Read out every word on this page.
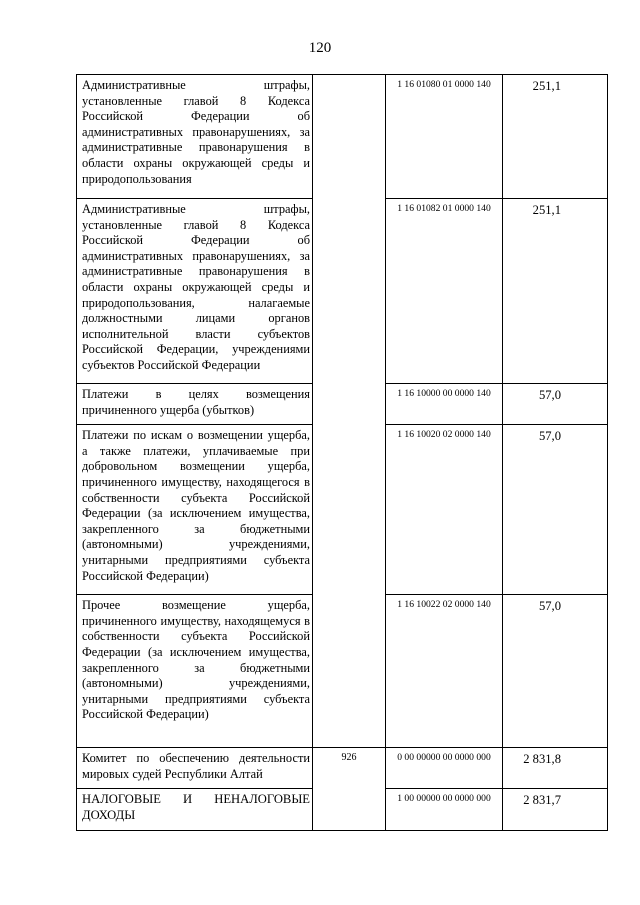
120
Административные штрафы, установленные главой 8 Кодекса Российской Федерации об административных правонарушениях, за административные правонарушения в области охраны окружающей среды и природопользования		1 16 01080 01 0000 140	251,1

Административные штрафы, установленные главой 8 Кодекса Российской Федерации об административных правонарушениях, за административные правонарушения в области охраны окружающей среды и природопользования, налагаемые должностными лицами органов исполнительной власти субъектов Российской Федерации, учреждениями субъектов Российской Федерации		1 16 01082 01 0000 140	251,1

Платежи в целях возмещения причиненного ущерба (убытков)		1 16 10000 00 0000 140	57,0

Платежи по искам о возмещении ущерба, а также платежи, уплачиваемые при добровольном возмещении ущерба, причиненного имуществу, находящегося в собственности субъекта Российской Федерации (за исключением имущества, закрепленного за бюджетными (автономными) учреждениями, унитарными предприятиями субъекта Российской Федерации)		1 16 10020 02 0000 140	57,0

Прочее возмещение ущерба, причиненного имуществу, находящемуся в собственности субъекта Российской Федерации (за исключением имущества, закрепленного за бюджетными (автономными) учреждениями, унитарными предприятиями субъекта Российской Федерации)		1 16 10022 02 0000 140	57,0

Комитет по обеспечению деятельности мировых судей Республики Алтай	926	0 00 00000 00 0000 000	2 831,8

НАЛОГОВЫЕ И НЕНАЛОГОВЫЕ ДОХОДЫ		1 00 00000 00 0000 000	2 831,7
